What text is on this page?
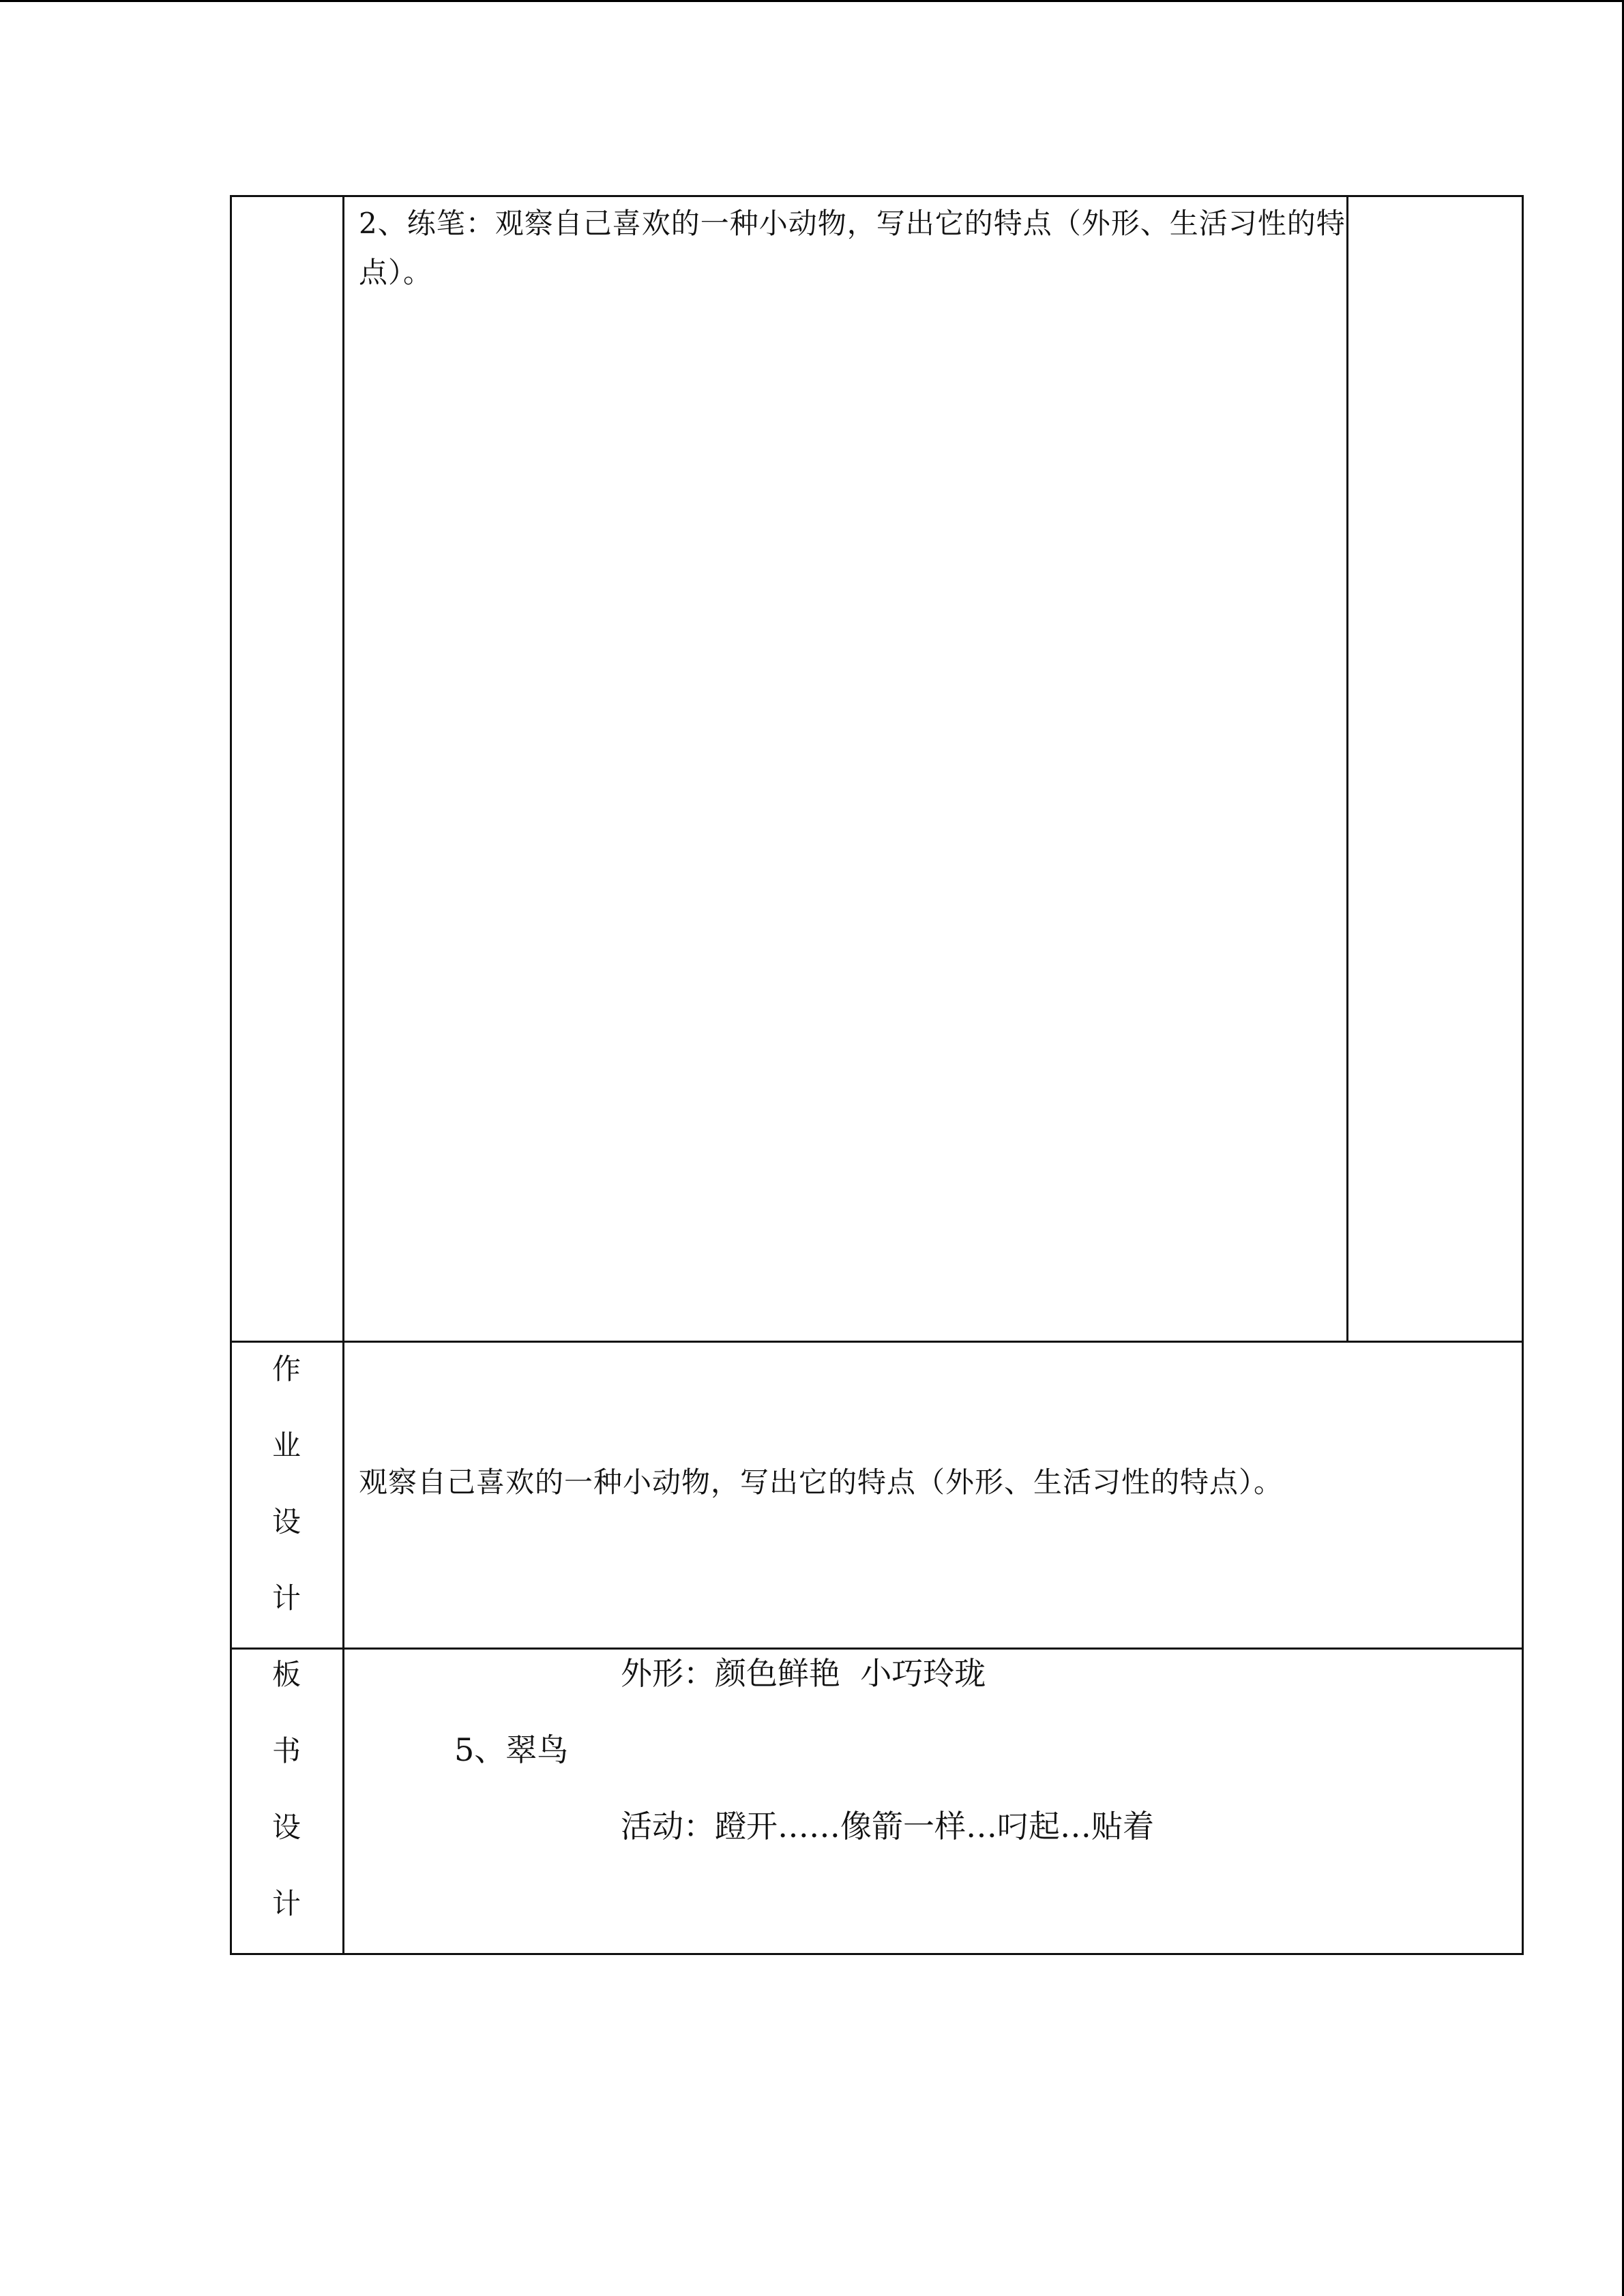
2、练笔：观察自己喜欢的一种小动物，写出它的特点（外形、生活习性的特
点）。
作
业
设
计
观察自己喜欢的一种小动物，写出它的特点（外形、生活习性的特点）。
板
书
设
计
外形：颜色鲜艳  小巧玲珑
5、翠鸟
活动：蹬开……像箭一样…叼起…贴着
